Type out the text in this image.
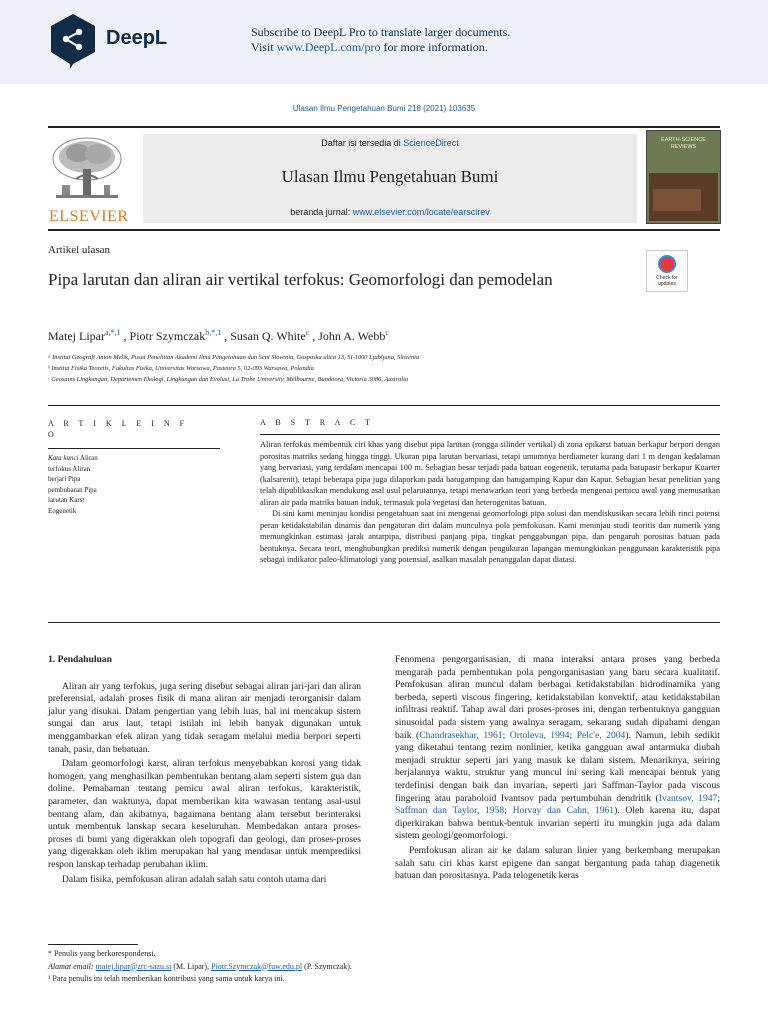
DeepL	Subscribe to DeepL Pro to translate larger documents.
Visit www.DeepL.com/pro for more information.
Ulasan Ilmu Pengetahuan Bumi 218 (2021) 103635
ELSEVIER
Daftar isi tersedia di ScienceDirect
Ulasan Ilmu Pengetahuan Bumi
beranda jurnal: www.elsevier.com/locate/earscirev
EARTH-SCIENCE
REVIEWS
Artikel ulasan
Pipa larutan dan aliran air vertikal terfokus: Geomorfologi dan pemodelan	Check for updates
Matej Lipar$^{a,*,1}$ , Piotr Szymczak$^{b,*,1}$ , Susan Q. White$^c$ , John A. Webb$^c$
ᵃ Institut Geografi Anton Melik, Pusat Penelitian Akademi Ilmu Pengetahuan dan Seni Slovenia, Gosposka ulica 13, SI-1000 Ljubljana, Slovenia
ᵇ Institut Fisika Teoretis, Fakultas Fisika, Universitas Warsawa, Pasteura 5, 02-093 Warsawa, Polandia
ᶜ Geosains Lingkungan, Departemen Ekologi, Lingkungan dan Evolusi, La Trobe University, Melbourne, Bundoora, Victoria 3086, Australia
A R T I K L E I N F
O
A B S T R A C T
Kata kunci Aliran
terfokus Aliran
berjari Pipa
pembubaran Pipa
larutan Karst
Eogenetik

Aliran terfokus membentuk ciri khas yang disebut pipa larutan (rongga silinder vertikal) di zona epikarst batuan berkapur berpori dengan porositas matriks sedang hingga tinggi. Ukuran pipa larutan bervariasi, tetapi umumnya berdiameter kurang dari 1 m dengan kedalaman yang bervariasi, yang terdalam mencapai 100 m. Sebagian besar terjadi pada batuan eogenetik, terutama pada batupasir berkapur Kuarter (kalsarenit), tetapi beberapa pipa juga dilaporkan pada batugamping dan batugamping Kapur dan Kapur. Sebagian besar penelitian yang telah dipublikasikan mendukung asal usul pelarutannya, tetapi menawarkan teori yang berbeda mengenai pemicu awal yang memusatkan aliran air pada matriks batuan induk, termasuk pola vegetasi dan heterogenitas batuan.

Di sini kami meninjau kondisi pengetahuan saat ini mengenai geomorfologi pipa solusi dan mendiskusikan secara lebih rinci potensi peran ketidakstabilan dinamis dan pengaturan diri dalam munculnya pola pemfokusan. Kami meninjau studi teoritis dan numerik yang memungkinkan estimasi jarak antarpipa, distribusi panjang pipa, tingkat penggabungan pipa, dan pengaruh porositas batuan pada bentuknya. Secara teori, menghubungkan prediksi numerik dengan pengukuran lapangan memungkinkan penggunaan karakteristik pipa sebagai indikator paleo-klimatologi yang potensial, asalkan masalah penanggalan dapat diatasi.

1. Pendahuluan

Aliran air yang terfokus, juga sering disebut sebagai aliran jari-jari dan aliran preferensial, adalah proses fisik di mana aliran air menjadi terorganisir dalam jalur yang disukai. Dalam pengertian yang lebih luas, hal ini mencakup sistem sungai dan arus laut, tetapi istilah ini lebih banyak digunakan untuk menggambarkan efek aliran yang tidak seragam melalui media berpori seperti tanah, pasir, dan bebatuan.

Dalam geomorfologi karst, aliran terfokus menyebabkan korosi yang tidak homogen, yang menghasilkan pembentukan bentang alam seperti sistem gua dan doline. Pemahaman tentang pemicu awal aliran terfokus, karakteristik, parameter, dan waktunya, dapat memberikan kita wawasan tentang asal-usul bentang alam, dan akibatnya, bagaimana bentang alam tersebut berinteraksi untuk membentuk lanskap secara keseluruhan. Membedakan antara proses-proses di bumi yang digerakkan oleh topografi dan geologi, dan proses-proses yang digerakkan oleh iklim merupakan hal yang mendasar untuk memprediksi respon lanskap terhadap perubahan iklim.

Dalam fisika, pemfokusan aliran adalah salah satu contoh utama dari

Fenomena pengorganisasian, di mana interaksi antara proses yang berbeda mengarah pada pembentukan pola pengorganisasian yang baru secara kualitatif. Pemfokusan aliran muncul dalam berbagai ketidakstabilan hidrodinamika yang berbeda, seperti viscous fingering, ketidakstabilan konvektif, atau ketidakstabilan infiltrasi reaktif. Tahap awal dari proses-proses ini, dengan terbentuknya gangguan sinusoidal pada sistem yang awalnya seragam, sekarang sudah dipahami dengan baik (Chandrasekhar, 1961; Ortoleva, 1994; Pelc'e, 2004). Namun, lebih sedikit yang diketahui tentang rezim nonlinier, ketika gangguan awal antarmuka diubah menjadi struktur seperti jari yang masuk ke dalam sistem. Menariknya, seiring berjalannya waktu, struktur yang muncul ini sering kali mencapai bentuk yang terdefinisi dengan baik dan invarian, seperti jari Saffman-Taylor pada viscous fingering atau paraboloid Ivantsov pada pertumbuhan dendritik (Ivantsov, 1947; Saffman dan Taylor, 1958; Horvay dan Cahn, 1961). Oleh karena itu, dapat diperkirakan bahwa bentuk-bentuk invarian seperti itu mungkin juga ada dalam sistem geologi/geomorfologi.

Pemfokusan aliran air ke dalam saluran linier yang berkembang merupakan salah satu ciri khas karst epigene dan sangat bergantung pada tahap diagenetik batuan dan porositasnya. Pada telogenetik keras

* Penulis yang berkorespondensi.
Alamat email: matej.lipar@zrc-sazu.si (M. Lipar), Piotr.Szymczak@fuw.edu.pl (P. Szymczak).
¹ Para penulis ini telah memberikan kontribusi yang sama untuk karya ini.
